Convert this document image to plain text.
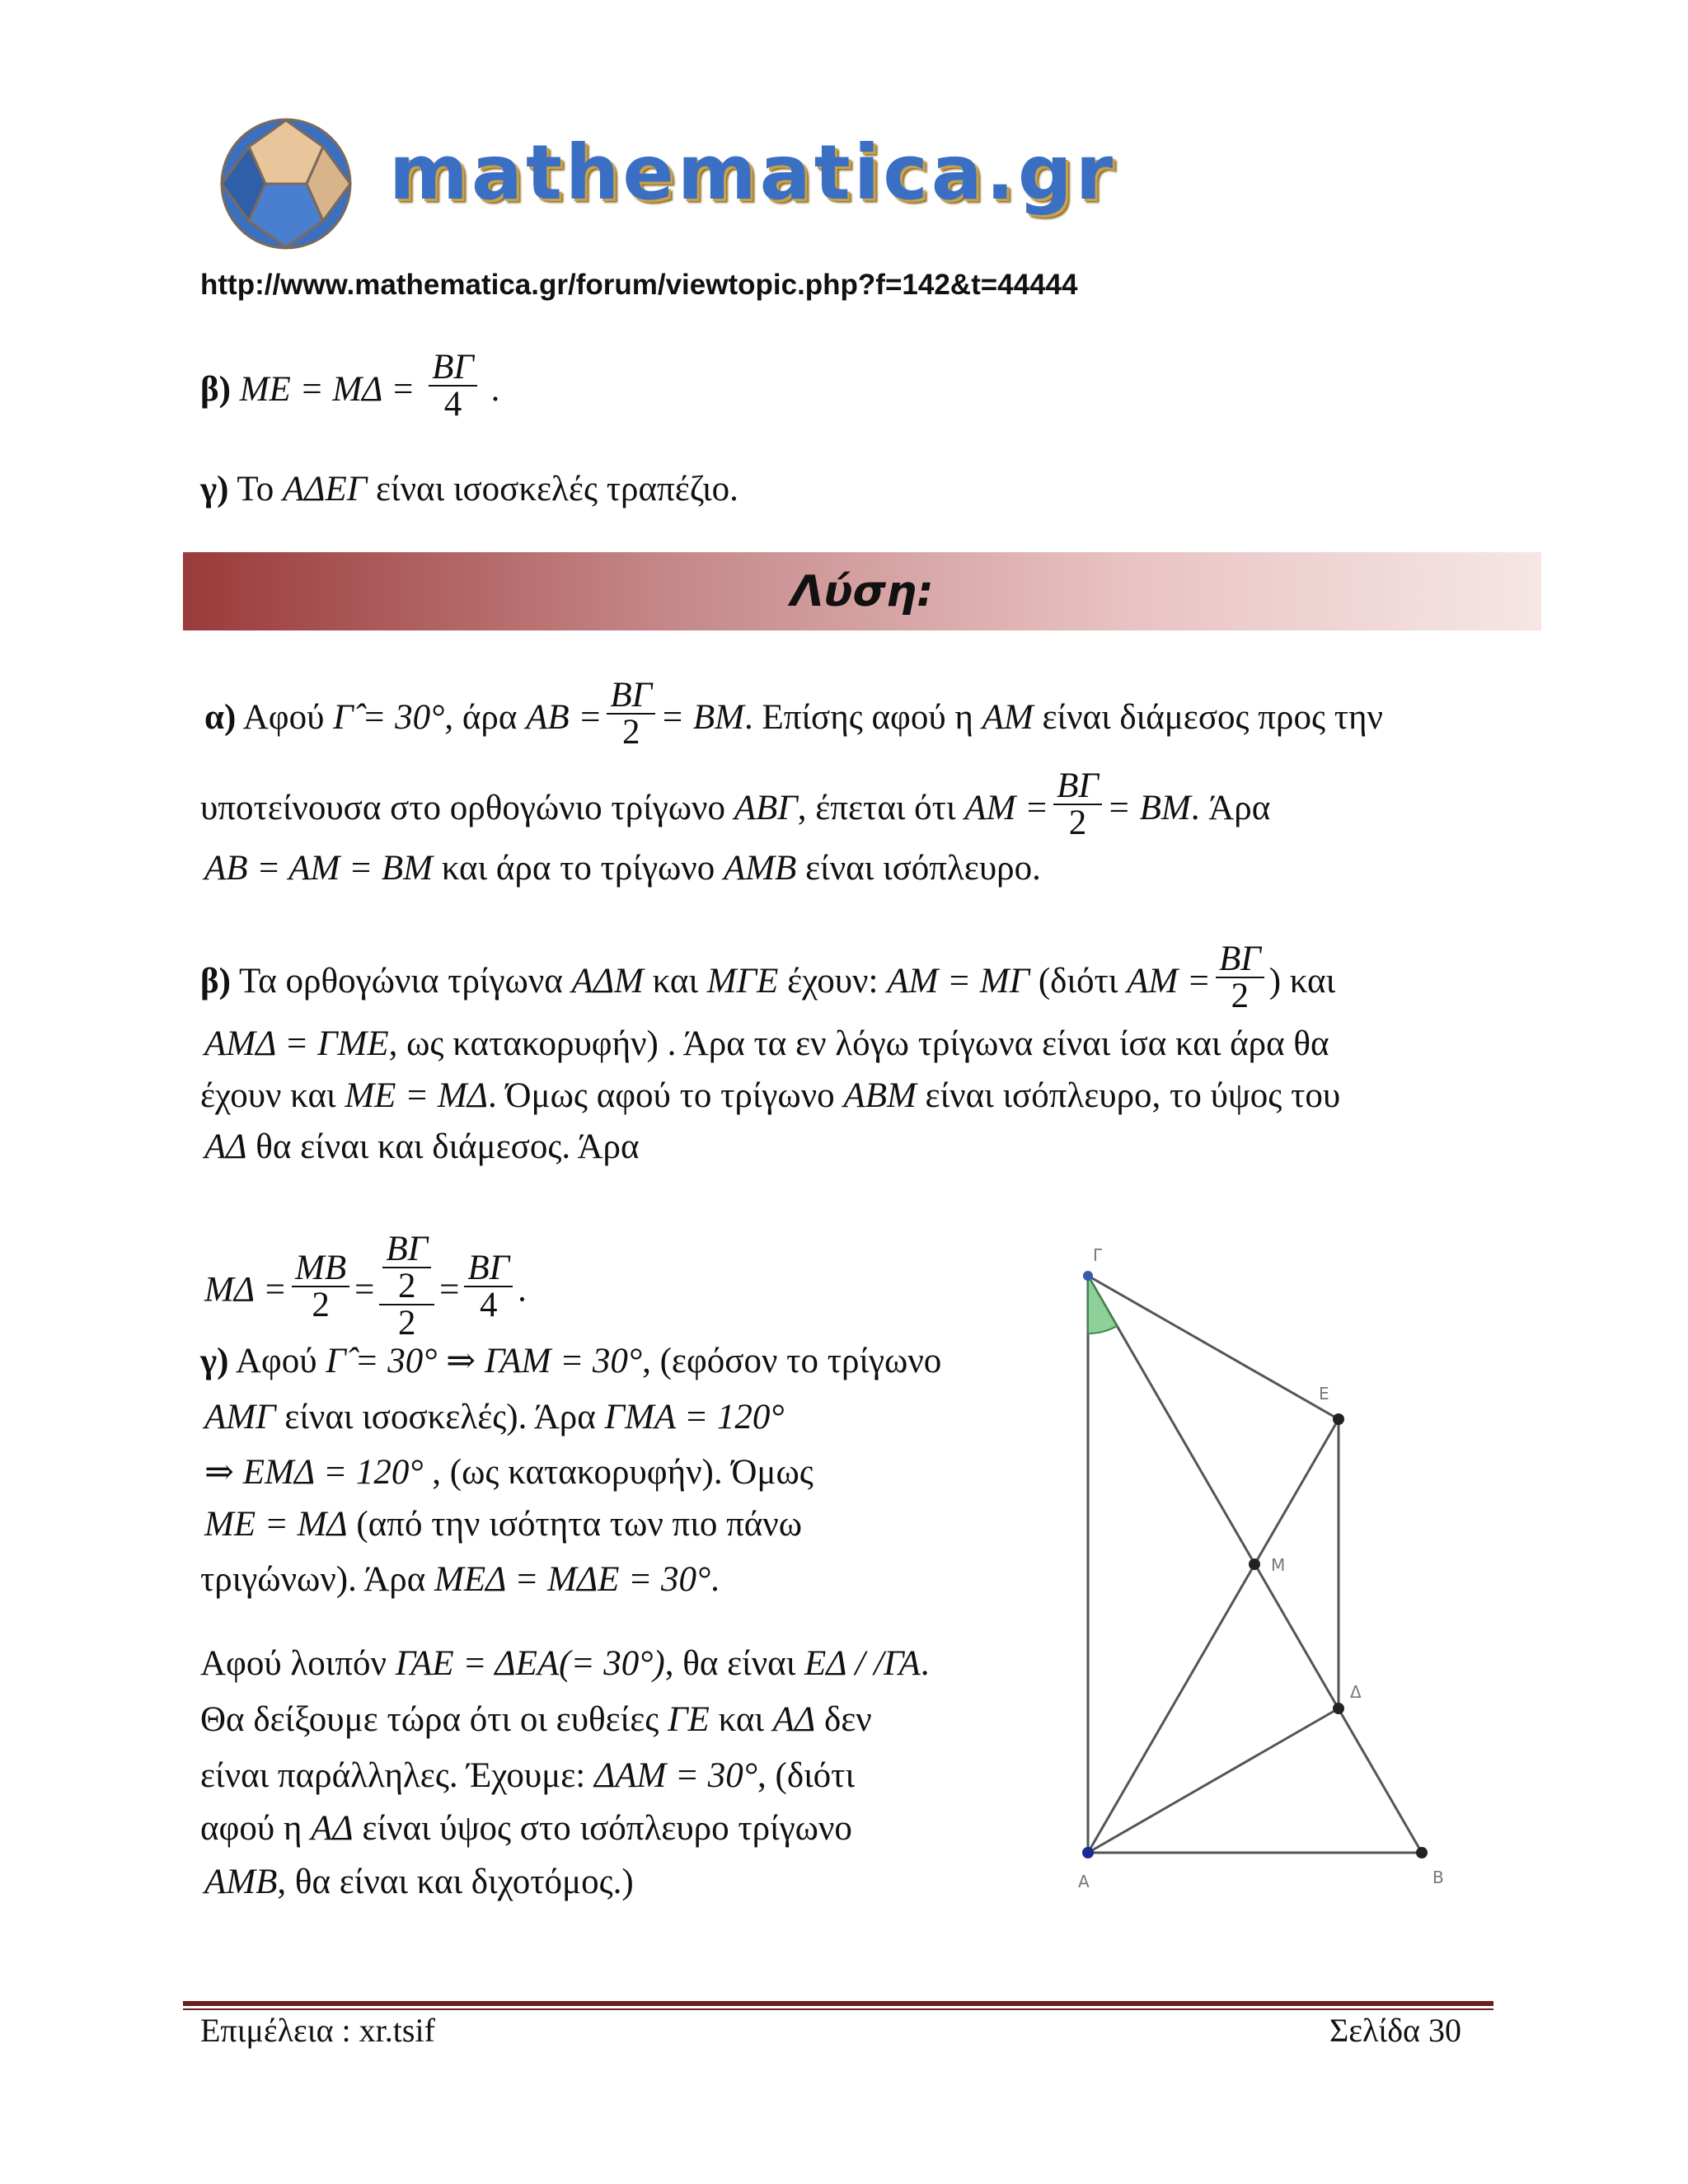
mathematica.gr
http://www.mathematica.gr/forum/viewtopic.php?f=142&t=44444
β) ME = $M\Delta = \frac{B\Gamma}{4}$ .
γ) Το ΑΔΕΓ είναι ισοσκελές τραπέζιο.
Λύση:
α) Αφού Γ̂ = 30°, άρα AB = $\frac{B\Gamma}{2}$ = BM. Επίσης αφού η AM είναι διάμεσος προς την
υποτείνουσα στο ορθογώνιο τρίγωνο ΑΒΓ, έπεται ότι AM = $\frac{B\Gamma}{2}$ = BM. Άρα
AB = AM = BM και άρα το τρίγωνο AMB είναι ισόπλευρο.
β) Τα ορθογώνια τρίγωνα ΑΔΜ και ΜΓΕ έχουν: AM = ΜΓ (διότι AM = $\frac{B\Gamma}{2}$ ) και
ΑΜΔ = ΓΜΕ, ως κατακορυφήν) . Άρα τα εν λόγω τρίγωνα είναι ίσα και άρα θα
έχουν και ME = MΔ. Όμως αφού το τρίγωνο ABM είναι ισόπλευρο, το ύψος του
AΔ θα είναι και διάμεσος. Άρα
$M\Delta = \frac{MB}{2} = \frac{\frac{B\Gamma}{2}}{2} = \frac{B\Gamma}{4}$ .
γ) Αφού Γ̂ = 30° ⇒ ΓΑΜ = 30°, (εφόσον το τρίγωνο
ΑΜΓ είναι ισοσκελές). Άρα ΓΜΑ = 120°
⇒ ΕΜΔ = 120° , (ως κατακορυφήν). Όμως
ME = MΔ (από την ισότητα των πιο πάνω
τριγώνων). Άρα ΜΕΔ = ΜΔΕ = 30°.
Αφού λοιπόν ΓΑΕ = ΔΕΑ(= 30°), θα είναι ΕΔ / /ΓΑ.
Θα δείξουμε τώρα ότι οι ευθείες ΓΕ και ΑΔ δεν
είναι παράλληλες. Έχουμε: ΔΑΜ = 30°, (διότι
αφού η ΑΔ είναι ύψος στο ισόπλευρο τρίγωνο
AMB, θα είναι και διχοτόμος.)
Γ
Ε
Μ
Δ
Α	Β
Επιμέλεια : xr.tsif	Σελίδα 30
